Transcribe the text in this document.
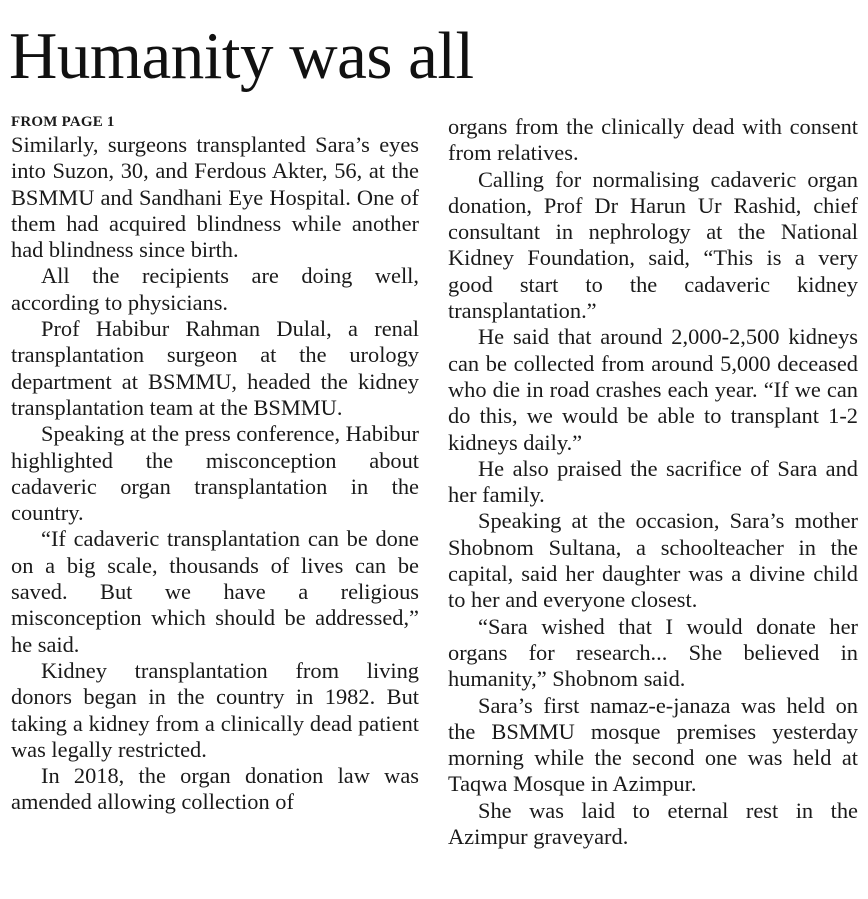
Humanity was all
FROM PAGE 1

Similarly, surgeons transplanted Sara’s eyes into Suzon, 30, and Ferdous Akter, 56, at the BSMMU and Sandhani Eye Hospital. One of them had acquired blindness while another had blindness since birth.

All the recipients are doing well, according to physicians.

Prof Habibur Rahman Dulal, a renal transplantation surgeon at the urology department at BSMMU, headed the kidney transplantation team at the BSMMU.

Speaking at the press conference, Habibur highlighted the misconception about cadaveric organ transplantation in the country.

“If cadaveric transplantation can be done on a big scale, thousands of lives can be saved. But we have a religious misconception which should be addressed,” he said.

Kidney transplantation from living donors began in the country in 1982. But taking a kidney from a clinically dead patient was legally restricted.

In 2018, the organ donation law was amended allowing collection of

organs from the clinically dead with consent from relatives.

Calling for normalising cadaveric organ donation, Prof Dr Harun Ur Rashid, chief consultant in nephrology at the National Kidney Foundation, said, “This is a very good start to the cadaveric kidney transplantation.”

He said that around 2,000-2,500 kidneys can be collected from around 5,000 deceased who die in road crashes each year. “If we can do this, we would be able to transplant 1-2 kidneys daily.”

He also praised the sacrifice of Sara and her family.

Speaking at the occasion, Sara’s mother Shobnom Sultana, a schoolteacher in the capital, said her daughter was a divine child to her and everyone closest.

“Sara wished that I would donate her organs for research... She believed in humanity,” Shobnom said.

Sara’s first namaz-e-janaza was held on the BSMMU mosque premises yesterday morning while the second one was held at Taqwa Mosque in Azimpur.

She was laid to eternal rest in the Azimpur graveyard.
